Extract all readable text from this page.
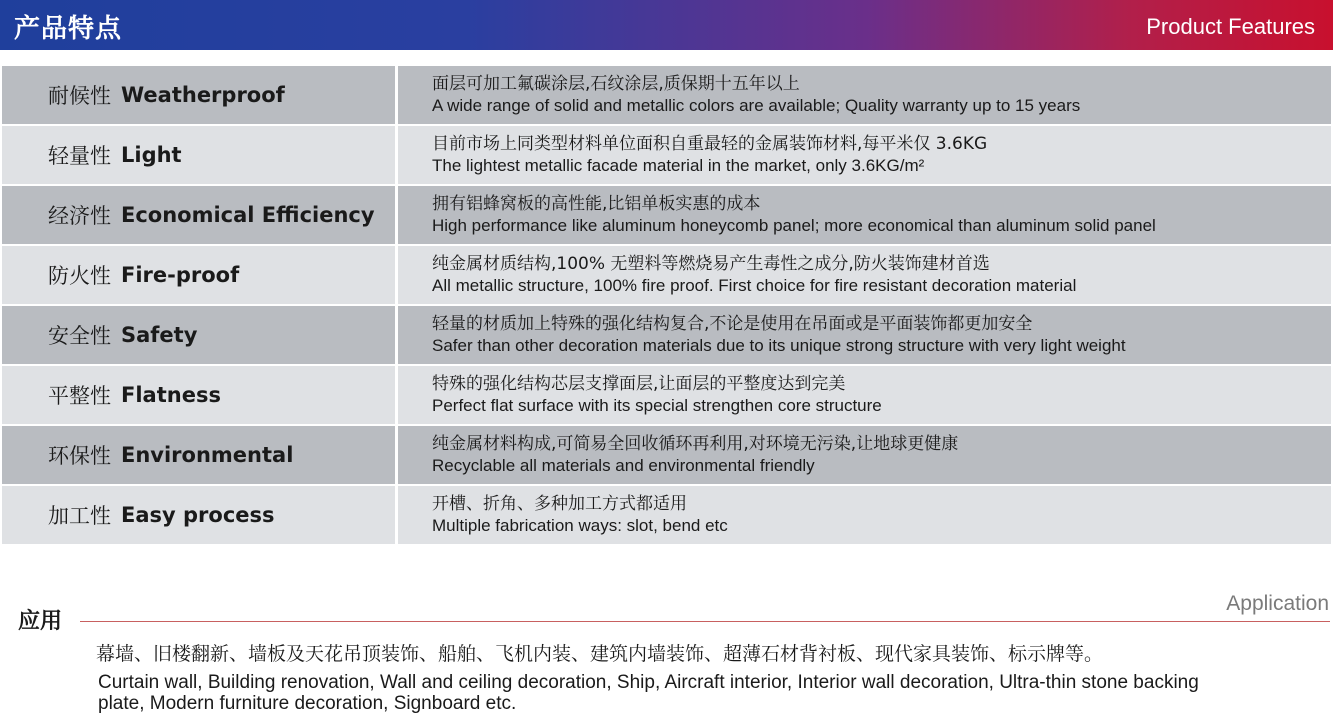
产品特点	Product Features
耐候性 Weatherproof	面层可加工氟碳涂层,石纹涂层,质保期十五年以上
A wide range of solid and metallic colors are available; Quality warranty up to 15 years
轻量性 Light	目前市场上同类型材料单位面积自重最轻的金属装饰材料,每平米仅 3.6KG
The lightest metallic facade material in the market, only 3.6KG/m²
经济性 Economical Efficiency	拥有铝蜂窝板的高性能,比铝单板实惠的成本
High performance like aluminum honeycomb panel; more economical than aluminum solid panel
防火性 Fire-proof	纯金属材质结构,100% 无塑料等燃烧易产生毒性之成分,防火装饰建材首选
All metallic structure, 100% fire proof. First choice for fire resistant decoration material
安全性 Safety	轻量的材质加上特殊的强化结构复合,不论是使用在吊面或是平面装饰都更加安全
Safer than other decoration materials due to its unique strong structure with very light weight
平整性 Flatness	特殊的强化结构芯层支撑面层,让面层的平整度达到完美
Perfect flat surface with its special strengthen core structure
环保性 Environmental	纯金属材料构成,可简易全回收循环再利用,对环境无污染,让地球更健康
Recyclable all materials and environmental friendly
加工性 Easy process	开槽、折角、多种加工方式都适用
Multiple fabrication ways: slot, bend etc
应用
Application
幕墙、旧楼翻新、墙板及天花吊顶装饰、船舶、飞机内装、建筑内墙装饰、超薄石材背衬板、现代家具装饰、标示牌等。
Curtain wall, Building renovation, Wall and ceiling decoration, Ship, Aircraft interior, Interior wall decoration, Ultra-thin stone backing plate, Modern furniture decoration, Signboard etc.
